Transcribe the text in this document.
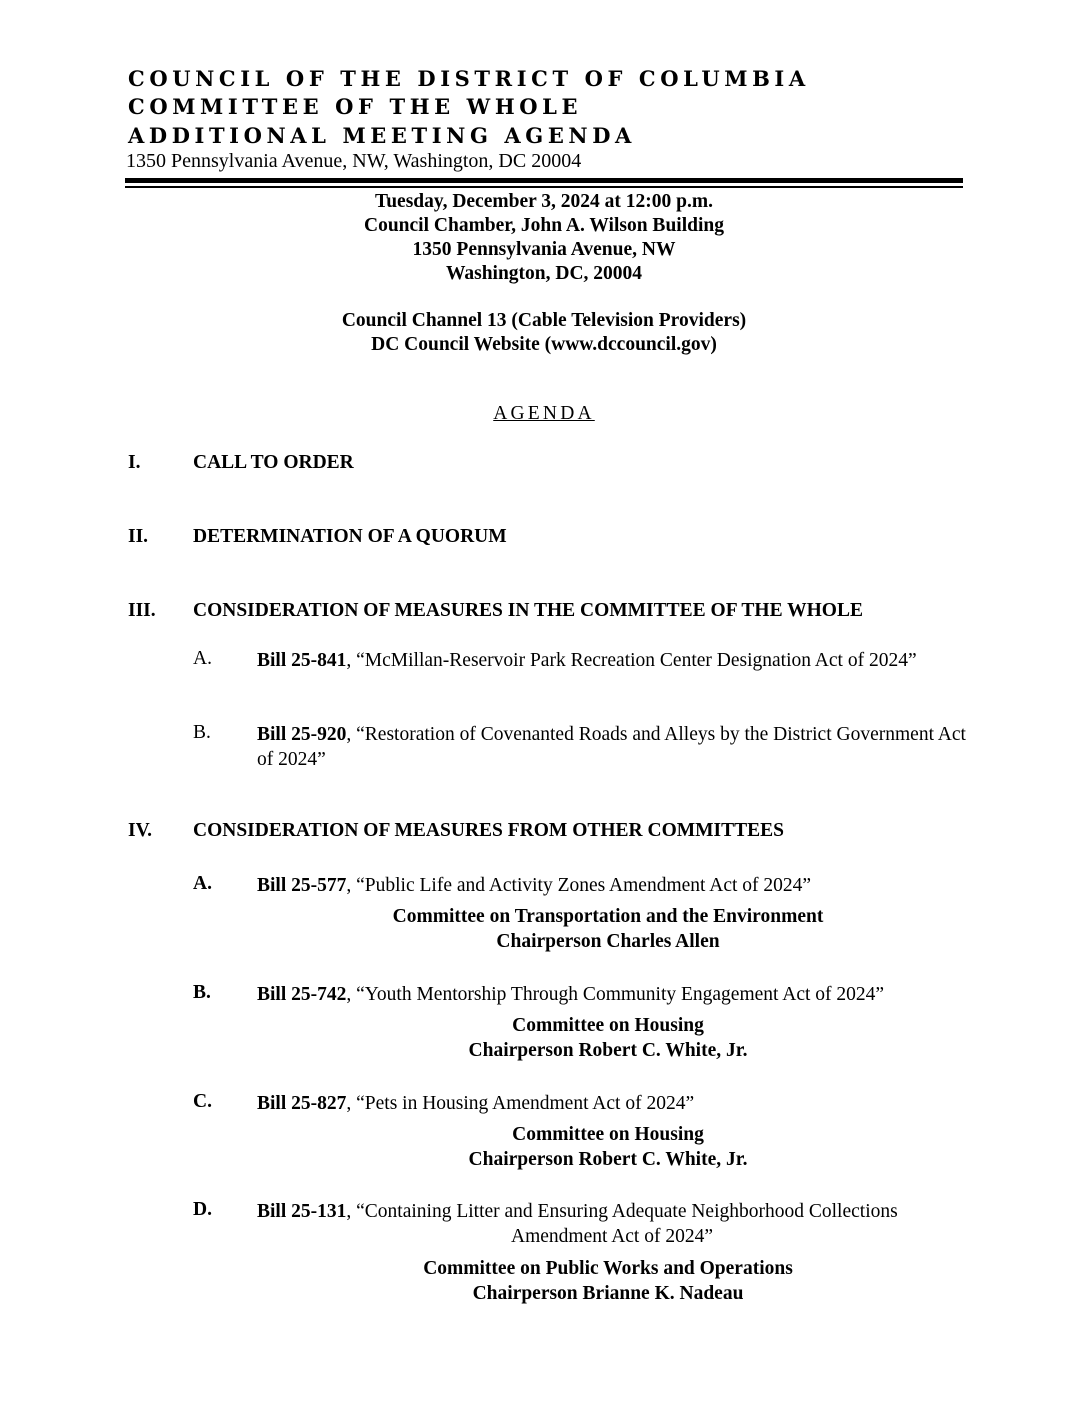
COUNCIL OF THE DISTRICT OF COLUMBIA
COMMITTEE OF THE WHOLE
ADDITIONAL MEETING AGENDA
1350 Pennsylvania Avenue, NW, Washington, DC 20004
Tuesday, December 3, 2024 at 12:00 p.m.
Council Chamber, John A. Wilson Building
1350 Pennsylvania Avenue, NW
Washington, DC, 20004
Council Channel 13 (Cable Television Providers)
DC Council Website (www.dccouncil.gov)
AGENDA
I.	CALL TO ORDER
II. DETERMINATION OF A QUORUM
III. CONSIDERATION OF MEASURES IN THE COMMITTEE OF THE WHOLE
A. Bill 25-841, “McMillan-Reservoir Park Recreation Center Designation Act of 2024”
B. Bill 25-920, “Restoration of Covenanted Roads and Alleys by the District Government Act of 2024”
IV. CONSIDERATION OF MEASURES FROM OTHER COMMITTEES
A. Bill 25-577, “Public Life and Activity Zones Amendment Act of 2024”
Committee on Transportation and the Environment
Chairperson Charles Allen
B. Bill 25-742, “Youth Mentorship Through Community Engagement Act of 2024”
Committee on Housing
Chairperson Robert C. White, Jr.
C. Bill 25-827, “Pets in Housing Amendment Act of 2024”
Committee on Housing
Chairperson Robert C. White, Jr.
D. Bill 25-131, “Containing Litter and Ensuring Adequate Neighborhood Collections
Amendment Act of 2024”
Committee on Public Works and Operations
Chairperson Brianne K. Nadeau
